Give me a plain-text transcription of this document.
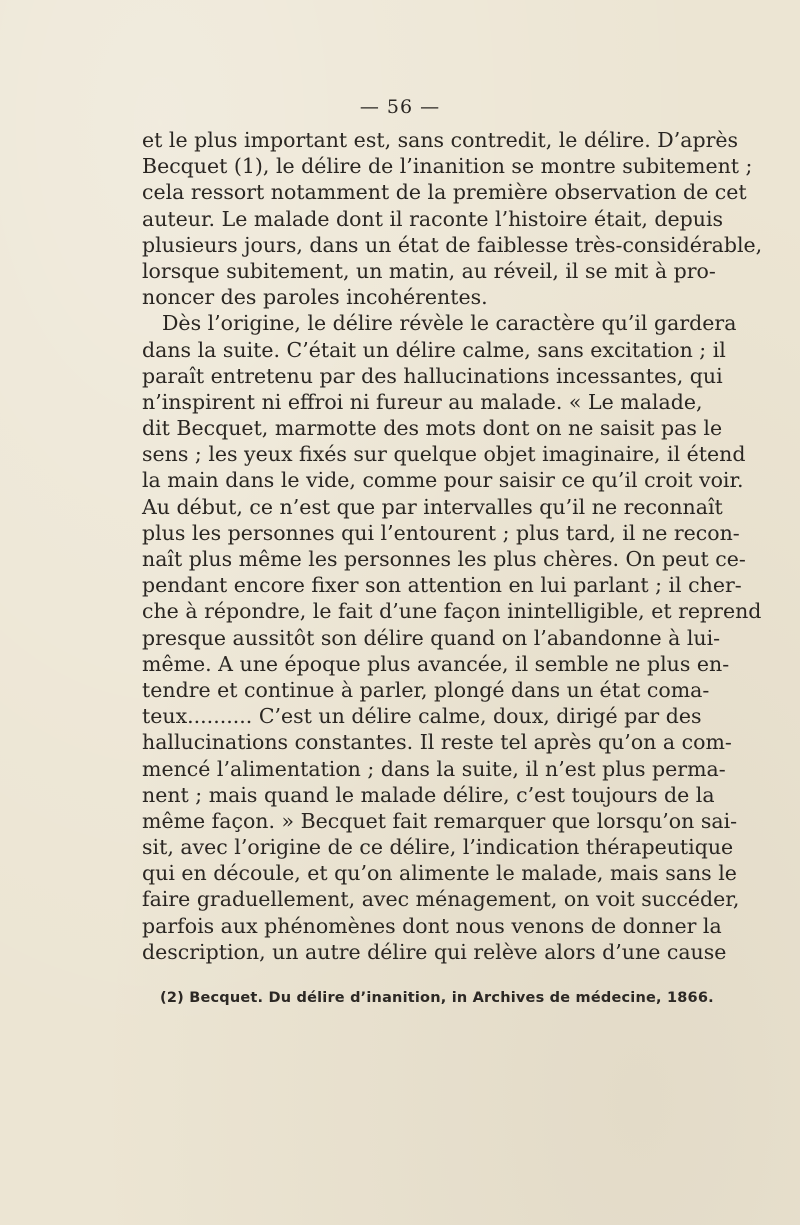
— 56 —
et le plus important est, sans contredit, le délire. D’après
Becquet (1), le délire de l’inanition se montre subitement ;
cela ressort notamment de la première observation de cet
auteur. Le malade dont il raconte l’histoire était, depuis
plusieurs jours, dans un état de faiblesse très-considérable,
lorsque subitement, un matin, au réveil, il se mit à pro-
noncer des paroles incohérentes.
Dès l’origine, le délire révèle le caractère qu’il gardera
dans la suite. C’était un délire calme, sans excitation ; il
paraît entretenu par des hallucinations incessantes, qui
n’inspirent ni effroi ni fureur au malade. « Le malade,
dit Becquet, marmotte des mots dont on ne saisit pas le
sens ; les yeux fixés sur quelque objet imaginaire, il étend
la main dans le vide, comme pour saisir ce qu’il croit voir.
Au début, ce n’est que par intervalles qu’il ne reconnaît
plus les personnes qui l’entourent ; plus tard, il ne recon-
naît plus même les personnes les plus chères. On peut ce-
pendant encore fixer son attention en lui parlant ; il cher-
che à répondre, le fait d’une façon inintelligible, et reprend
presque aussitôt son délire quand on l’abandonne à lui-
même. A une époque plus avancée, il semble ne plus en-
tendre et continue à parler, plongé dans un état coma-
teux.......... C’est un délire calme, doux, dirigé par des
hallucinations constantes. Il reste tel après qu’on a com-
mencé l’alimentation ; dans la suite, il n’est plus perma-
nent ; mais quand le malade délire, c’est toujours de la
même façon. » Becquet fait remarquer que lorsqu’on sai-
sit, avec l’origine de ce délire, l’indication thérapeutique
qui en découle, et qu’on alimente le malade, mais sans le
faire graduellement, avec ménagement, on voit succéder,
parfois aux phénomènes dont nous venons de donner la
description, un autre délire qui relève alors d’une cause
(2) Becquet. Du délire d’inanition, in Archives de médecine, 1866.
